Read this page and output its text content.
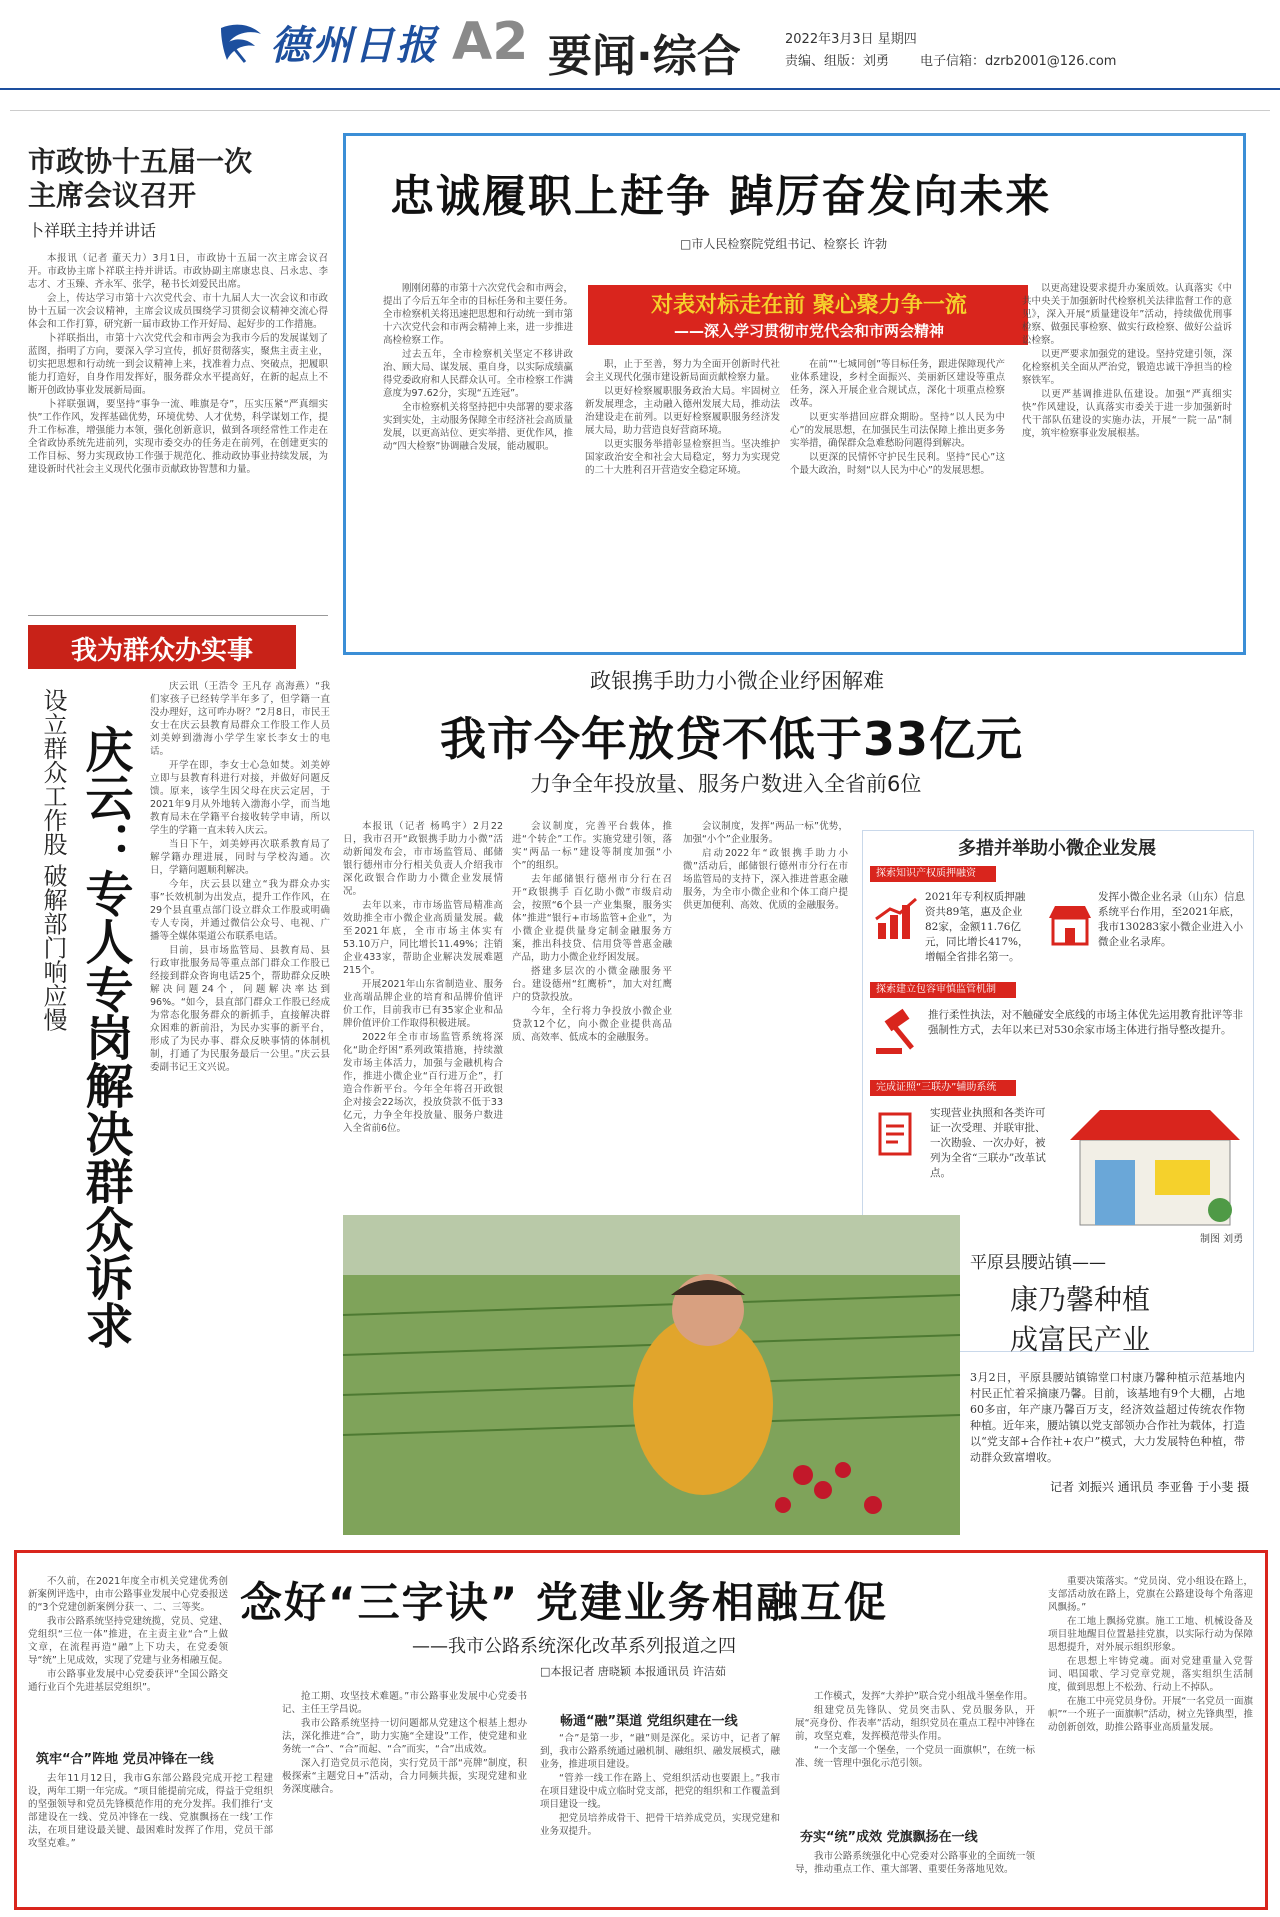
德州日报 A2 要闻·综合	2022年3月3日 星期四
责编、组版：刘勇 电子信箱：dzrb2001@126.com
市政协十五届一次
主席会议召开
卜祥联主持并讲话

本报讯（记者 董天力）3月1日，市政协十五届一次主席会议召开。市政协主席卜祥联主持并讲话。市政协副主席康忠良、吕永忠、李志才、才玉臻、齐永军、张学，秘书长刘爱民出席。

会上，传达学习市第十六次党代会、市十九届人大一次会议和市政协十五届一次会议精神，主席会议成员围绕学习贯彻会议精神交流心得体会和工作打算，研究新一届市政协工作开好局、起好步的工作措施。

卜祥联指出，市第十六次党代会和市两会为我市今后的发展谋划了蓝图，指明了方向，要深入学习宣传，抓好贯彻落实，聚焦主责主业，切实把思想和行动统一到会议精神上来，找准着力点、突破点，把履职能力打造好，自身作用发挥好，服务群众水平提高好，在新的起点上不断开创政协事业发展新局面。

卜祥联强调，要坚持“事争一流、唯旗是夺”，压实压紧“严真细实快”工作作风，发挥基础优势，环境优势、人才优势，科学谋划工作，提升工作标准，增强能力本领，强化创新意识，做到各项经常性工作走在全省政协系统先进前列，实现市委交办的任务走在前列，在创建更实的工作目标、努力实现政协工作强于规范化、推动政协事业持续发展，为建设新时代社会主义现代化强市贡献政协智慧和力量。

忠诚履职上赶争 踔厉奋发向未来
□市人民检察院党组书记、检察长 许勃
对表对标走在前 聚心聚力争一流
——深入学习贯彻市党代会和市两会精神

刚刚闭幕的市第十六次党代会和市两会，提出了今后五年全市的目标任务和主要任务。全市检察机关将迅速把思想和行动统一到市第十六次党代会和市两会精神上来，进一步推进高检检察工作。

过去五年，全市检察机关坚定不移讲政治、顾大局、谋发展、重自身，以实际成绩赢得党委政府和人民群众认可。全市检察工作满意度为97.62分，实现“五连冠”。

全市检察机关将坚持把中央部署的要求落实到实处，主动服务保障全市经济社会高质量发展，以更高站位、更实举措、更优作风，推动“四大检察”协调融合发展，能动履职。

职，止于至善，努力为全面开创新时代社会主义现代化强市建设新局面贡献检察力量。

以更好检察履职服务政治大局。牢固树立新发展理念，主动融入德州发展大局，推动法治建设走在前列。以更好检察履职服务经济发展大局，助力营造良好营商环境。

以更实服务举措彰显检察担当。坚决维护国家政治安全和社会大局稳定，努力为实现党的二十大胜利召开营造安全稳定环境。

在前”“七城同创”等目标任务，跟进保障现代产业体系建设，乡村全面振兴、美丽新区建设等重点任务，深入开展企业合规试点，深化十项重点检察改革。

以更实举措回应群众期盼。坚持“以人民为中心”的发展思想，在加强民生司法保障上推出更多务实举措，确保群众急难愁盼问题得到解决。

以更深的民情怀守护民生民利。坚持“民心”这个最大政治，时刻“以人民为中心”的发展思想。

以更高建设要求提升办案质效。认真落实《中共中央关于加强新时代检察机关法律监督工作的意见》，深入开展“质量建设年”活动，持续做优刑事检察、做强民事检察、做实行政检察、做好公益诉讼检察。

以更严要求加强党的建设。坚持党建引领，深化检察机关全面从严治党，锻造忠诚干净担当的检察铁军。

以更严基调推进队伍建设。加强“严真细实快”作风建设，认真落实市委关于进一步加强新时代干部队伍建设的实施办法，开展“一院一品”制度，筑牢检察事业发展根基。

我为群众办实事
设立群众工作股 破解部门响应慢 庆云：专人专岗解决群众诉求

庆云讯（王浩令 王凡存 高海燕）“我们家孩子已经转学半年多了，但学籍一直没办理好，这可咋办呀？”2月8日，市民王女士在庆云县教育局群众工作股工作人员刘美婷到渤海小学学生家长李女士的电话。

开学在即，李女士心急如焚。刘美婷立即与县教育科进行对接，并做好问题反馈。原来，该学生因父母在庆云定居，于2021年9月从外地转入渤海小学，而当地教育局未在学籍平台接收转学申请，所以学生的学籍一直未转入庆云。

当日下午，刘美婷再次联系教育局了解学籍办理进展，同时与学校沟通。次日，学籍问题顺利解决。

今年，庆云县以建立“我为群众办实事”长效机制为出发点，提升工作作风，在29个县直重点部门设立群众工作股或明确专人专岗，并通过微信公众号、电视、广播等全媒体渠道公布联系电话。

目前，县市场监管局、县教育局、县行政审批服务局等重点部门群众工作股已经接到群众咨询电话25个，帮助群众反映解决问题24个，问题解决率达到96%。“如今，县直部门群众工作股已经成为常态化服务群众的新抓手，直接解决群众困难的新前沿，为民办实事的新平台，形成了为民办事、群众反映事情的体制机制，打通了为民服务最后一公里。”庆云县委副书记王文兴说。

政银携手助力小微企业纾困解难
我市今年放贷不低于33亿元
力争全年投放量、服务户数进入全省前6位

本报讯（记者 杨鸣宇）2月22日，我市召开“政银携手助力小微”活动新闻发布会，市市场监管局、邮储银行德州市分行相关负责人介绍我市深化政银合作助力小微企业发展情况。

去年以来，市市场监管局精准高效助推全市小微企业高质量发展。截至2021年底，全市市场主体实有53.10万户，同比增长11.49%；注销企业433家，帮助企业解决发展难题215个。

开展2021年山东省制造业、服务业高端品牌企业的培育和品牌价值评价工作，目前我市已有35家企业和品牌价值评价工作取得积极进展。

2022年全市市场监管系统将深化“助企纾困”系列政策措施，持续激发市场主体活力，加强与金融机构合作，推进小微企业“百行进万企”，打造合作新平台。今年全年将召开政银企对接会22场次，投放贷款不低于33亿元，力争全年投放量、服务户数进入全省前6位。

会议制度，完善平台载体，推进“个转企”工作。实施党建引领，落实“两品一标”建设等制度加强“小个”的组织。

去年邮储银行德州市分行在召开“政银携手 百亿助小微”市级启动会，按照“6个县一产业集聚，服务实体”推进“银行+市场监管+企业”，为小微企业提供量身定制金融服务方案，推出科技贷、信用贷等普惠金融产品，助力小微企业纾困发展。

搭建多层次的小微金融服务平台。建设德州“红鹰桥”，加大对红鹰户的贷款投放。

今年，全行将力争投放小微企业贷款12个亿，向小微企业提供高品质、高效率、低成本的金融服务。

会议制度，发挥“两品一标”优势，加强“小个”企业服务。

启动2022年“政银携手助力小微”活动后，邮储银行德州市分行在市场监管局的支持下，深入推进普惠金融服务，为全市小微企业和个体工商户提供更加便利、高效、优质的金融服务。

多措并举助小微企业发展
探索知识产权质押融资
2021年专利权质押融资共89笔，惠及企业82家，金额11.76亿元，同比增长417%，增幅全省排名第一。
发挥小微企业名录（山东）信息系统平台作用，至2021年底，我市130283家小微企业进入小微企业名录库。
探索建立包容审慎监管机制
推行柔性执法，对不触碰安全底线的市场主体优先运用教育批评等非强制性方式，去年以来已对530余家市场主体进行指导整改提升。
完成证照“三联办”辅助系统
实现营业执照和各类许可证一次受理、并联审批、一次勘验、一次办好，被列为全省“三联办”改革试点。
制图 刘勇
平原县腰站镇——
康乃馨种植
成富民产业
3月2日，平原县腰站镇锦堂口村康乃馨种植示范基地内村民正忙着采摘康乃馨。目前，该基地有9个大棚，占地60多亩，年产康乃馨百万支，经济效益超过传统农作物种植。近年来，腰站镇以党支部领办合作社为载体，打造以“党支部+合作社+农户”模式，大力发展特色种植，带动群众致富增收。
记者 刘振兴 通讯员 李亚鲁 于小斐 摄
念好“三字诀” 党建业务相融互促
——我市公路系统深化改革系列报道之四
□本报记者 唐晓颖 本报通讯员 许洁茹

不久前，在2021年度全市机关党建优秀创新案例评选中，由市公路事业发展中心党委报送的“3个党建创新案例分获一、二、三等奖。

我市公路系统坚持党建统揽，党员、党建、党组织“三位一体”推进，在主责主业“合”上做文章，在流程再造“融”上下功夫，在党委领导“统”上见成效，实现了党建与业务相融互促。

市公路事业发展中心党委获评“全国公路交通行业百个先进基层党组织”。

筑牢“合”阵地 党员冲锋在一线

去年11月12日，我市G东部公路段完成开挖工程建设，两年工期一年完成。“项目能提前完成，得益于党组织的坚强领导和党员先锋模范作用的充分发挥。我们推行‘支部建设在一线、党员冲锋在一线、党旗飘扬在一线’工作法，在项目建设最关键、最困难时发挥了作用，党员干部攻坚克难。”

抢工期、攻坚技术难题。”市公路事业发展中心党委书记、主任王学昌说。

我市公路系统坚持一切问题都从党建这个根基上想办法，深化推进“合”，助力实施“全建设”工作，使党建和业务统一“合”、“合”而起、“合”而实，“合”出成效。

深入打造党员示范岗，实行党员干部“亮牌”制度，积极探索“主题党日+”活动，合力同频共振，实现党建和业务深度融合。

畅通“融”渠道 党组织建在一线

“合”是第一步，“融”则是深化。采访中，记者了解到，我市公路系统通过融机制、融组织、融发展模式，融业务，推进项目建设。

“管养一线工作在路上、党组织活动也要跟上。”我市在项目建设中成立临时党支部，把党的组织和工作覆盖到项目建设一线。

把党员培养成骨干、把骨干培养成党员，实现党建和业务双提升。	夯实“统”成效 党旗飘扬在一线

我市公路系统强化中心党委对公路事业的全面统一领导，推动重点工作、重大部署、重要任务落地见效。

工作模式，发挥“大养护”联合党小组战斗堡垒作用。

组建党员先锋队、党员突击队、党员服务队，开展“亮身份、作表率”活动，组织党员在重点工程中冲锋在前，攻坚克难，发挥模范带头作用。

“一个支部一个堡垒，一个党员一面旗帜”，在统一标准、统一管理中强化示范引领。

重要决策落实。“党员岗、党小组设在路上，支部活动放在路上，党旗在公路建设每个角落迎风飘扬。”

在工地上飘扬党旗。施工工地、机械设备及项目驻地醒目位置悬挂党旗，以实际行动为保障思想提升，对外展示组织形象。

在思想上牢铸党魂。面对党建重量入党誓词、唱国歌、学习党章党规，落实组织生活制度，做到思想上不松劲、行动上不掉队。

在施工中亮党员身份。开展“一名党员一面旗帜”“一个班子一面旗帜”活动，树立先锋典型，推动创新创效，助推公路事业高质量发展。
